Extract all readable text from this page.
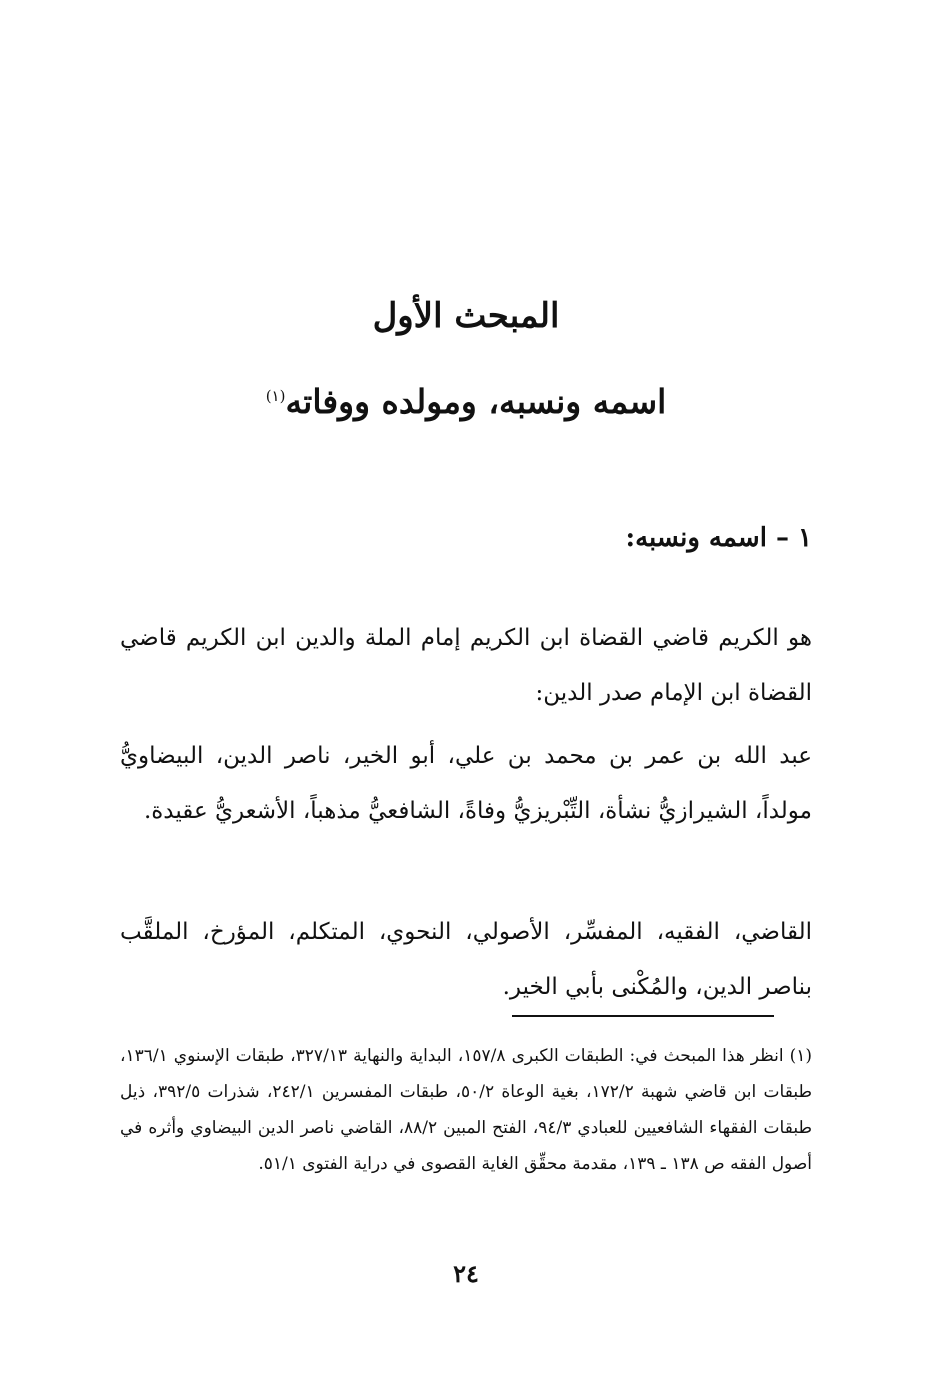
المبحث الأول
اسمه ونسبه، ومولده ووفاته$^{(١)}$
١ – اسمه ونسبه:

هو الكريم قاضي القضاة ابن الكريم إمام الملة والدين ابن الكريم قاضي القضاة ابن الإمام صدر الدين:

عبد الله بن عمر بن محمد بن علي، أبو الخير، ناصر الدين، البيضاويُّ مولداً، الشيرازيُّ نشأة، التِّبْريزيُّ وفاةً، الشافعيُّ مذهباً، الأشعريُّ عقيدة.

القاضي، الفقيه، المفسِّر، الأصولي، النحوي، المتكلم، المؤرخ، الملقَّب بناصر الدين، والمُكْنى بأبي الخير.

(١) انظر هذا المبحث في: الطبقات الكبرى ١٥٧/٨، البداية والنهاية ٣٢٧/١٣، طبقات الإسنوي ١٣٦/١، طبقات ابن قاضي شهبة ١٧٢/٢، بغية الوعاة ٥٠/٢، طبقات المفسرين ٢٤٢/١، شذرات ٣٩٢/٥، ذيل طبقات الفقهاء الشافعيين للعبادي ٩٤/٣، الفتح المبين ٨٨/٢، القاضي ناصر الدين البيضاوي وأثره في أصول الفقه ص ١٣٨ ـ ١٣٩، مقدمة محقِّق الغاية القصوى في دراية الفتوى ٥١/١.
٢٤
